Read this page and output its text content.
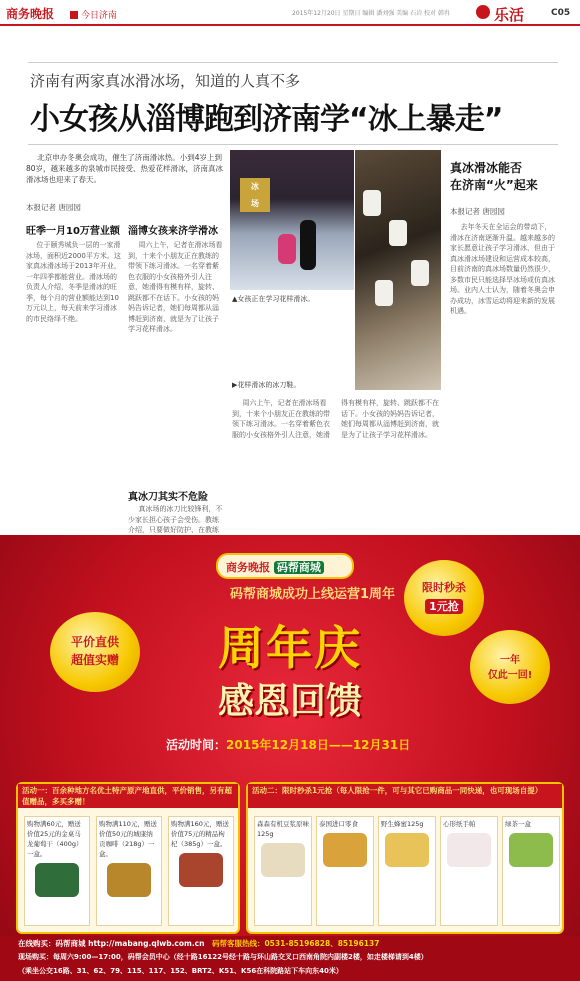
商务晚报	今日济南	2015年12月20日 星期日 编辑 潘刘强 美编 石岩 校对 韩冉	乐活	C05
济南有两家真冰滑冰场，知道的人真不多
小女孩从淄博跑到济南学“冰上暴走”
北京申办冬奥会成功，催生了济南滑冰热。小到4岁上到80岁，越来越多的泉城市民接受、热爱花样滑冰，济南真冰滑冰场也迎来了春天。
本报记者 唐园园
旺季一月10万营业额

位于颐秀城负一层的一家滑冰场，面积近2000平方米。这家真冰滑冰场于2013年开业，一年四季都能营业。滑冰场的负责人介绍，冬季是滑冰的旺季，每个月的营业额能达到10万元以上，每天前来学习滑冰的市民络绎不绝。

淄博女孩来济学滑冰

周六上午，记者在滑冰场看到，十来个小朋友正在教练的带领下练习滑冰。一名穿着紫色衣服的小女孩格外引人注意，她滑得有模有样，旋转、跳跃都不在话下。小女孩的妈妈告诉记者，她们每周都从淄博赶到济南，就是为了让孩子学习花样滑冰。

真冰刀其实不危险

真冰场的冰刀比较锋利，不少家长担心孩子会受伤。教练介绍，只要做好防护、在教练

冰
场
▲女孩正在学习花样滑冰。
▶花样滑冰的冰刀鞋。

周六上午，记者在滑冰场看到，十来个小朋友正在教练的带领下练习滑冰。一名穿着紫色衣服的小女孩格外引人注意，她滑得有模有样，旋转、跳跃都不在话下。小女孩的妈妈告诉记者，她们每周都从淄博赶到济南，就是为了让孩子学习花样滑冰。

真冰滑冰能否
在济南“火”起来
本报记者 唐园园

去年冬天在全运会的带动下，滑冰在济南逐渐升温。越来越多的家长愿意让孩子学习滑冰，但由于真冰滑冰场建设和运营成本较高，目前济南的真冰场数量仍然很少，多数市民只能选择旱冰场或仿真冰场。业内人士认为，随着冬奥会申办成功，冰雪运动将迎来新的发展机遇。

商务晚报 码帮商城
码帮商城成功上线运营1周年
平价直供
超值实赠
限时秒杀
1元抢
一年
仅此一回!
周年庆
感恩回馈
活动时间：2015年12月18日——12月31日
活动一：百余种地方名优土特产原产地直供，平价销售，另有超值赠品，多买多赠！
购物满60元，赠送价值25元的金桌马龙葡萄干（400g）一盒。
购物满110元，赠送价值50元的城康纳贡咖啡（218g）一盒。
购物满160元，赠送价值75元的精品枸杞（385g）一盒。
活动二：限时秒杀1元抢（每人限抢一件，可与其它已购商品一同快递，也可现场自提）
森森有机豆浆原味125g
泰国进口零食	野生蜂蜜125g	心形纸手帕	绿茶一盒
在线购买：码帮商城 http://mabang.qlwb.com.cn　 码帮客服热线：0531-85196828、85196137
现场购买：每周六9:00—17:00，码帮会员中心（经十路16122号经十路与环山路交叉口西南角院内副楼2楼，如走楼梯请到4楼）
（乘坐公交16路、31、62、79、115、117、152、BRT2、K51、K56在科院路站下车向东40米）
